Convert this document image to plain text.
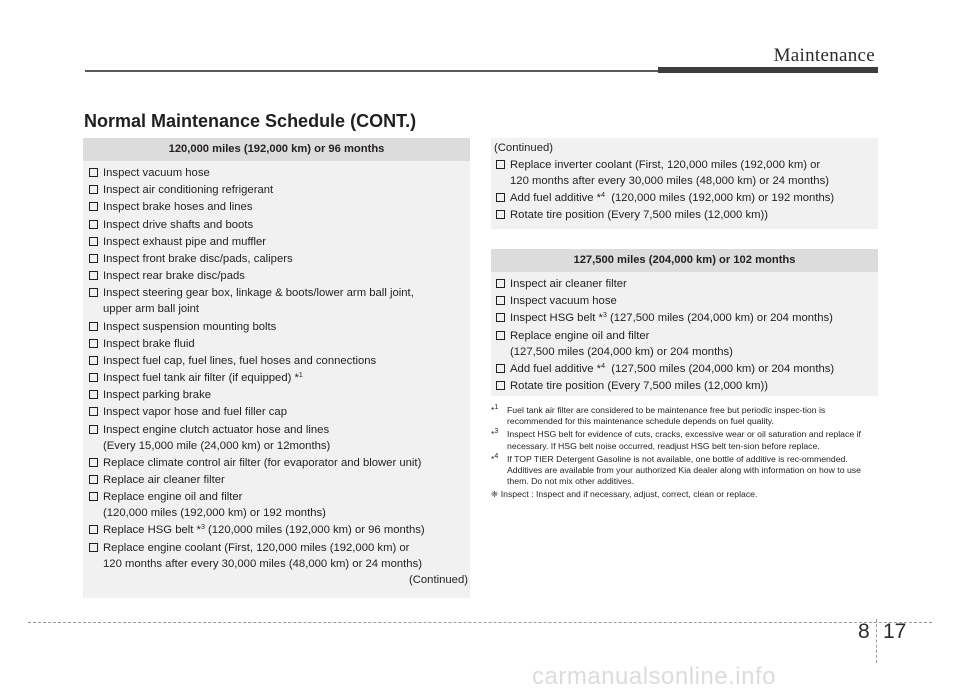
Maintenance
Normal Maintenance Schedule (CONT.)
120,000 miles (192,000 km) or 96 months
Inspect vacuum hose
Inspect air conditioning refrigerant
Inspect brake hoses and lines
Inspect drive shafts and boots
Inspect exhaust pipe and muffler
Inspect front brake disc/pads, calipers
Inspect rear brake disc/pads
Inspect steering gear box, linkage & boots/lower arm ball joint,
upper arm ball joint
Inspect suspension mounting bolts
Inspect brake fluid
Inspect fuel cap, fuel lines, fuel hoses and connections
Inspect fuel tank air filter (if equipped) *$^1$
Inspect parking brake
Inspect vapor hose and fuel filler cap
Inspect engine clutch actuator hose and lines
(Every 15,000 mile (24,000 km) or 12months)
Replace climate control air filter (for evaporator and blower unit)
Replace air cleaner filter
Replace engine oil and filter
(120,000 miles (192,000 km) or 192 months)
Replace HSG belt *$^3$ (120,000 miles (192,000 km) or 96 months)
Replace engine coolant (First, 120,000 miles (192,000 km) or
120 months after every 30,000 miles (48,000 km) or 24 months)
(Continued)
(Continued)
Replace inverter coolant (First, 120,000 miles (192,000 km) or
120 months after every 30,000 miles (48,000 km) or 24 months)
Add fuel additive *$^4$  (120,000 miles (192,000 km) or 192 months)
Rotate tire position (Every 7,500 miles (12,000 km))
127,500 miles (204,000 km) or 102 months
Inspect air cleaner filter
Inspect vacuum hose
Inspect HSG belt *$^3$ (127,500 miles (204,000 km) or 204 months)
Replace engine oil and filter
(127,500 miles (204,000 km) or 204 months)
Add fuel additive *$^4$  (127,500 miles (204,000 km) or 204 months)
Rotate tire position (Every 7,500 miles (12,000 km))
*$^1$ Fuel tank air filter are considered to be maintenance free but periodic inspec-tion is recommended for this maintenance schedule depends on fuel quality.
*$^3$ Inspect HSG belt for evidence of cuts, cracks, excessive wear or oil saturation and replace if necessary. If HSG belt noise occurred, readjust HSG belt ten-sion before replace.
*$^4$ If TOP TIER Detergent Gasoline is not available, one bottle of additive is rec-ommended. Additives are available from your authorized Kia dealer along with information on how to use them. Do not mix other additives.
❈ Inspect : Inspect and if necessary, adjust, correct, clean or replace.
8 17
carmanualsonline.info
